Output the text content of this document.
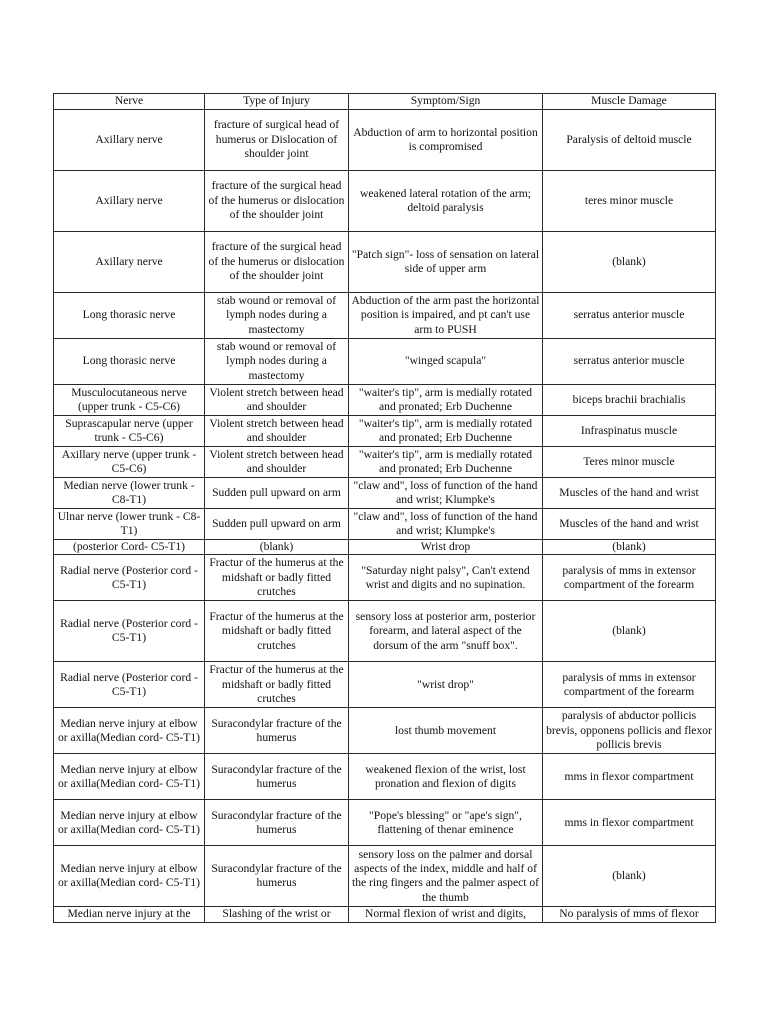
Nerve	Type of Injury	Symptom/Sign	Muscle Damage
Axillary nerve	fracture of surgical head of humerus or Dislocation of shoulder joint	Abduction of arm to horizontal position is compromised	Paralysis of deltoid muscle
Axillary nerve	fracture of the surgical head of the humerus or dislocation of the shoulder joint	weakened lateral rotation of the arm; deltoid paralysis	teres minor muscle
Axillary nerve	fracture of the surgical head of the humerus or dislocation of the shoulder joint	"Patch sign"- loss of sensation on lateral side of upper arm	(blank)
Long thorasic nerve	stab wound or removal of lymph nodes during a mastectomy	Abduction of the arm past the horizontal position is impaired, and pt can't use arm to PUSH	serratus anterior muscle
Long thorasic nerve	stab wound or removal of lymph nodes during a mastectomy	"winged scapula"	serratus anterior muscle
Musculocutaneous nerve (upper trunk - C5-C6)	Violent stretch between head and shoulder	"waiter's tip", arm is medially rotated and pronated; Erb Duchenne	biceps brachii brachialis
Suprascapular nerve (upper trunk - C5-C6)	Violent stretch between head and shoulder	"waiter's tip", arm is medially rotated and pronated; Erb Duchenne	Infraspinatus muscle
Axillary nerve (upper trunk - C5-C6)	Violent stretch between head and shoulder	"waiter's tip", arm is medially rotated and pronated; Erb Duchenne	Teres minor muscle
Median nerve (lower trunk - C8-T1)	Sudden pull upward on arm	"claw and", loss of function of the hand and wrist; Klumpke's	Muscles of the hand and wrist
Ulnar nerve (lower trunk - C8-T1)	Sudden pull upward on arm	"claw and", loss of function of the hand and wrist; Klumpke's	Muscles of the hand and wrist
(posterior Cord- C5-T1)	(blank)	Wrist drop	(blank)
Radial nerve (Posterior cord -C5-T1)	Fractur of the humerus at the midshaft or badly fitted crutches	"Saturday night palsy", Can't extend wrist and digits and no supination.	paralysis of mms in extensor compartment of the forearm
Radial nerve (Posterior cord -C5-T1)	Fractur of the humerus at the midshaft or badly fitted crutches	sensory loss at posterior arm, posterior forearm, and lateral aspect of the dorsum of the arm "snuff box".	(blank)
Radial nerve (Posterior cord -C5-T1)	Fractur of the humerus at the midshaft or badly fitted crutches	"wrist drop"	paralysis of mms in extensor compartment of the forearm
Median nerve injury at elbow or axilla(Median cord- C5-T1)	Suracondylar fracture of the humerus	lost thumb movement	paralysis of abductor pollicis brevis, opponens pollicis and flexor pollicis brevis
Median nerve injury at elbow or axilla(Median cord- C5-T1)	Suracondylar fracture of the humerus	weakened flexion of the wrist, lost pronation and flexion of digits	mms in flexor compartment
Median nerve injury at elbow or axilla(Median cord- C5-T1)	Suracondylar fracture of the humerus	"Pope's blessing" or "ape's sign", flattening of thenar eminence	mms in flexor compartment
Median nerve injury at elbow or axilla(Median cord- C5-T1)	Suracondylar fracture of the humerus	sensory loss on the palmer and dorsal aspects of the index, middle and half of the ring fingers and the palmer aspect of the thumb	(blank)
Median nerve injury at the	Slashing of the wrist or	Normal flexion of wrist and digits,	No paralysis of mms of flexor
